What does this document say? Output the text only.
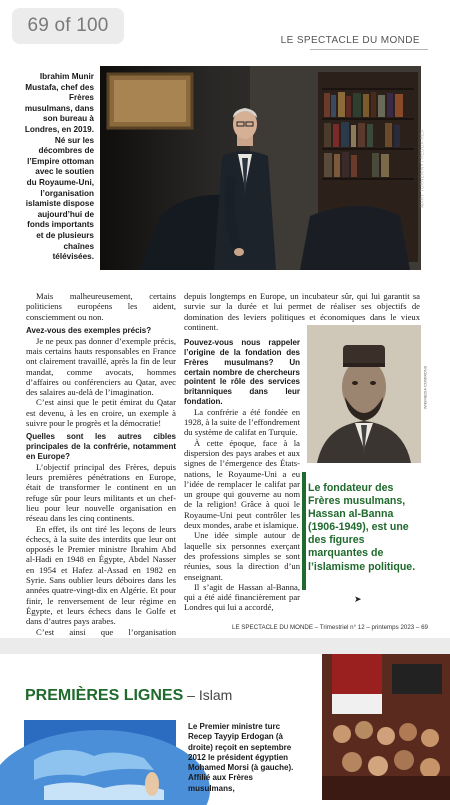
69 of 100
LE SPECTACLE DU MONDE
Ibrahim Munir Mustafa, chef des Frères musulmans, dans son bureau à Londres, en 2019. Né sur les décombres de l’Empire ottoman avec le soutien du Royaume-Uni, l’organisation islamiste dispose aujourd’hui de fonds importants et de plusieurs chaînes télévisées.
MARY TURNER/NYT-REDUX-REA

Mais malheureusement, certains politiciens européens les aident, consciemment ou non.

Avez-vous des exemples précis?

Je ne peux pas donner d’exemple précis, mais certains hauts responsables en France ont clairement travaillé, après la fin de leur mandat, comme avocats, hommes d’affaires ou conférenciers au Qatar, avec des salaires au-delà de l’imagination.

C’est ainsi que le petit émirat du Qatar est devenu, à les en croire, un exemple à suivre pour le progrès et la démocratie!

Quelles sont les autres cibles principales de la confrérie, notamment en Europe?

L’objectif principal des Frères, depuis leurs premières pénétrations en Europe, était de transformer le continent en un refuge sûr pour leurs militants et un chef-lieu pour leur nouvelle organisation en réseau dans les cinq continents.

En effet, ils ont tiré les leçons de leurs échecs, à la suite des interdits que leur ont opposés le Premier ministre Ibrahim Abd al-Hadi en 1948 en Égypte, Abdel Nasser en 1954 et Hafez al-Assad en 1982 en Syrie. Sans oublier leurs déboires dans les années quatre-vingt-dix en Algérie. Et pour finir, le renversement de leur régime en Égypte, et leurs échecs dans le Golfe et dans d’autres pays arabes.

C’est ainsi que l’organisation

depuis longtemps en Europe, un incubateur sûr, qui lui garantit sa survie sur la durée et lui permet de réaliser ses objectifs de domination des leviers politiques et économiques dans le vieux continent.

Pouvez-vous nous rappeler l’origine de la fondation des Frères musulmans? Un certain nombre de chercheurs pointent le rôle des services britanniques dans leur fondation.

La confrérie a été fondée en 1928, à la suite de l’effondrement du système de califat en Turquie.

À cette époque, face à la dispersion des pays arabes et aux signes de l’émergence des États-nations, le Royaume-Uni a eu l’idée de remplacer le califat par un groupe qui gouverne au nom de la religion! Grâce à quoi le Royaume-Uni peut contrôler les deux mondes, arabe et islamique.

Une idée simple autour de laquelle six personnes exerçant des professions simples se sont réunies, sous la direction d’un enseignant.

Il s’agit de Hassan al-Banna, qui a été aidé financièrement par Londres qui lui a accordé,

WIKIMEDIA COMMONS
Le fondateur des Frères musulmans, Hassan al-Banna (1906-1949), est une des figures marquantes de l’islamisme politique.
➤
LE SPECTACLE DU MONDE – Trimestriel n° 12 – printemps 2023 – 69
PREMIÈRES LIGNES – Islam
Le Premier ministre turc Recep Tayyip Erdogan (à droite) reçoit en septembre 2012 le président égyptien Mohamed Morsi (à gauche). Affilié aux Frères musulmans,
